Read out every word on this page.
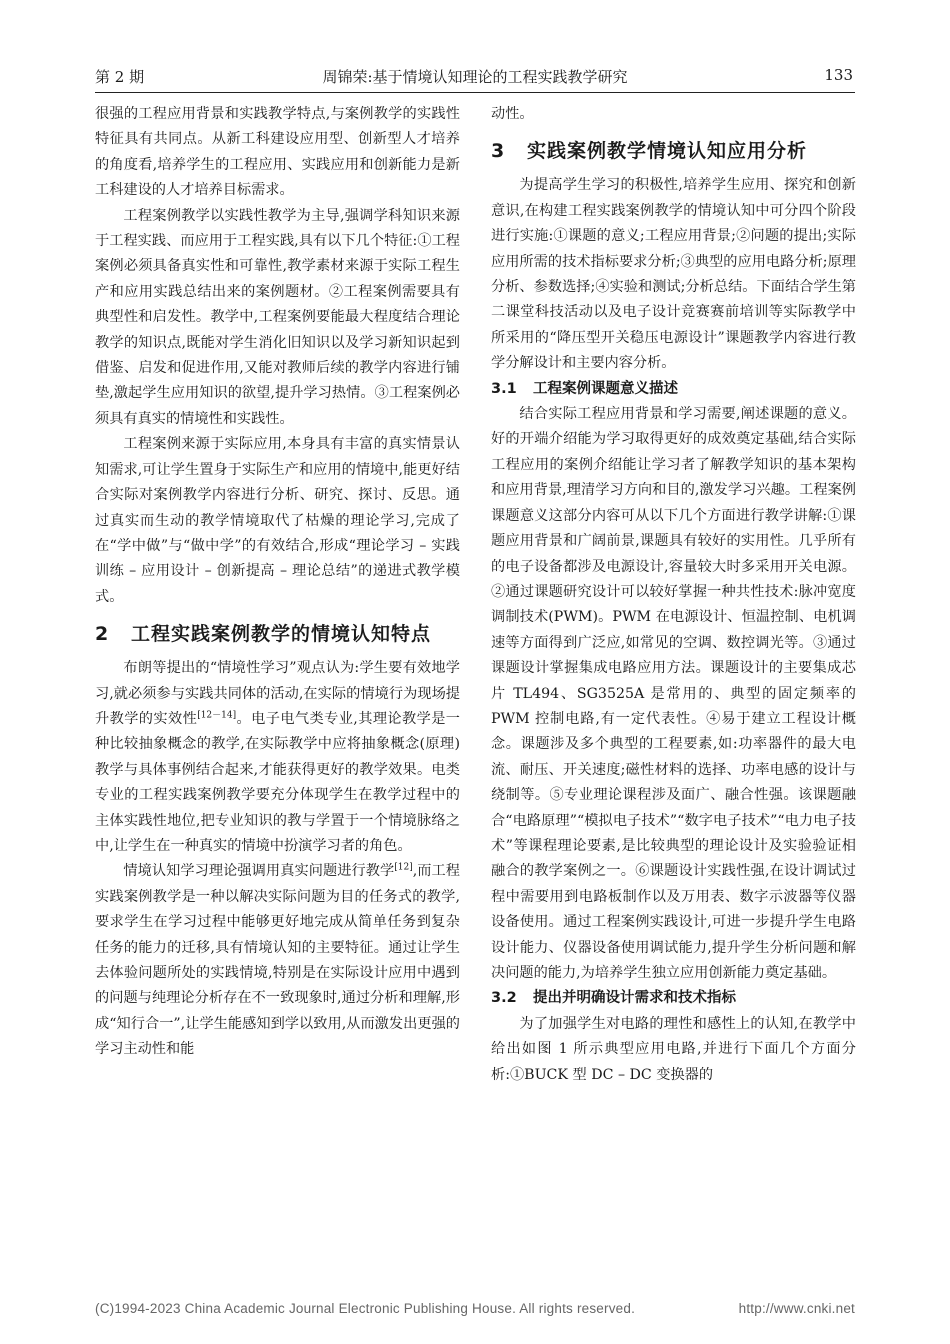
第 2 期	周锦荣:基于情境认知理论的工程实践教学研究	133

很强的工程应用背景和实践教学特点,与案例教学的实践性特征具有共同点。从新工科建设应用型、创新型人才培养的角度看,培养学生的工程应用、实践应用和创新能力是新工科建设的人才培养目标需求。

工程案例教学以实践性教学为主导,强调学科知识来源于工程实践、而应用于工程实践,具有以下几个特征:①工程案例必须具备真实性和可靠性,教学素材来源于实际工程生产和应用实践总结出来的案例题材。②工程案例需要具有典型性和启发性。教学中,工程案例要能最大程度结合理论教学的知识点,既能对学生消化旧知识以及学习新知识起到借鉴、启发和促进作用,又能对教师后续的教学内容进行铺垫,激起学生应用知识的欲望,提升学习热情。③工程案例必须具有真实的情境性和实践性。

工程案例来源于实际应用,本身具有丰富的真实情景认知需求,可让学生置身于实际生产和应用的情境中,能更好结合实际对案例教学内容进行分析、研究、探讨、反思。通过真实而生动的教学情境取代了枯燥的理论学习,完成了在“学中做”与“做中学”的有效结合,形成“理论学习 – 实践训练 – 应用设计 – 创新提高 – 理论总结”的递进式教学模式。

2 工程实践案例教学的情境认知特点

布朗等提出的“情境性学习”观点认为:学生要有效地学习,就必须参与实践共同体的活动,在实际的情境行为现场提升教学的实效性[12－14]。电子电气类专业,其理论教学是一种比较抽象概念的教学,在实际教学中应将抽象概念(原理)教学与具体事例结合起来,才能获得更好的教学效果。电类专业的工程实践案例教学要充分体现学生在教学过程中的主体实践性地位,把专业知识的教与学置于一个情境脉络之中,让学生在一种真实的情境中扮演学习者的角色。

情境认知学习理论强调用真实问题进行教学[12],而工程实践案例教学是一种以解决实际问题为目的任务式的教学,要求学生在学习过程中能够更好地完成从简单任务到复杂任务的能力的迁移,具有情境认知的主要特征。通过让学生去体验问题所处的实践情境,特别是在实际设计应用中遇到的问题与纯理论分析存在不一致现象时,通过分析和理解,形成“知行合一”,让学生能感知到学以致用,从而激发出更强的学习主动性和能

动性。

3 实践案例教学情境认知应用分析

为提高学生学习的积极性,培养学生应用、探究和创新意识,在构建工程实践案例教学的情境认知中可分四个阶段进行实施:①课题的意义;工程应用背景;②问题的提出;实际应用所需的技术指标要求分析;③典型的应用电路分析;原理分析、参数选择;④实验和测试;分析总结。下面结合学生第二课堂科技活动以及电子设计竞赛赛前培训等实际教学中所采用的“降压型开关稳压电源设计”课题教学内容进行教学分解设计和主要内容分析。

3.1 工程案例课题意义描述

结合实际工程应用背景和学习需要,阐述课题的意义。好的开端介绍能为学习取得更好的成效奠定基础,结合实际工程应用的案例介绍能让学习者了解教学知识的基本架构和应用背景,理清学习方向和目的,激发学习兴趣。工程案例课题意义这部分内容可从以下几个方面进行教学讲解:①课题应用背景和广阔前景,课题具有较好的实用性。几乎所有的电子设备都涉及电源设计,容量较大时多采用开关电源。②通过课题研究设计可以较好掌握一种共性技术:脉冲宽度调制技术(PWM)。PWM 在电源设计、恒温控制、电机调速等方面得到广泛应,如常见的空调、数控调光等。③通过课题设计掌握集成电路应用方法。课题设计的主要集成芯片 TL494、SG3525A 是常用的、典型的固定频率的 PWM 控制电路,有一定代表性。④易于建立工程设计概念。课题涉及多个典型的工程要素,如:功率器件的最大电流、耐压、开关速度;磁性材料的选择、功率电感的设计与绕制等。⑤专业理论课程涉及面广、融合性强。该课题融合“电路原理”“模拟电子技术”“数字电子技术”“电力电子技术”等课程理论要素,是比较典型的理论设计及实验验证相融合的教学案例之一。⑥课题设计实践性强,在设计调试过程中需要用到电路板制作以及万用表、数字示波器等仪器设备使用。通过工程案例实践设计,可进一步提升学生电路设计能力、仪器设备使用调试能力,提升学生分析问题和解决问题的能力,为培养学生独立应用创新能力奠定基础。

3.2 提出并明确设计需求和技术指标

为了加强学生对电路的理性和感性上的认知,在教学中给出如图 1 所示典型应用电路,并进行下面几个方面分析:①BUCK 型 DC – DC 变换器的

(C)1994-2023 China Academic Journal Electronic Publishing House. All rights reserved.	http://www.cnki.net
